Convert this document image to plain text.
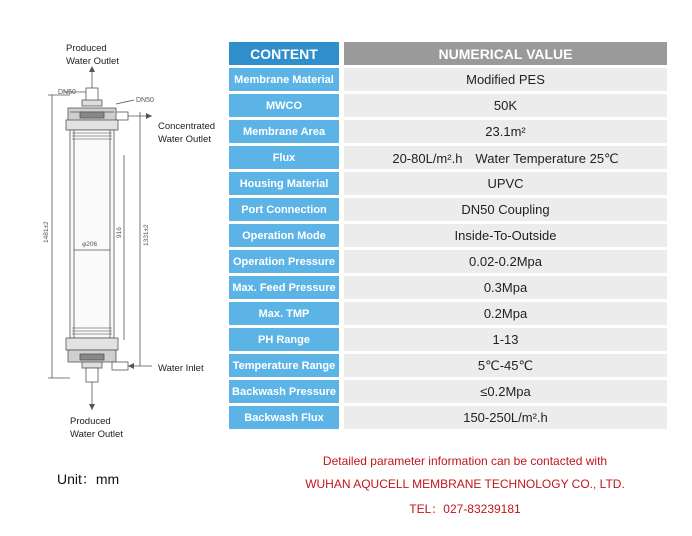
DN50
DN50
1481±2
φ206
916	1331±2
Produced
Water Outlet
Concentrated
Water Outlet
Water Inlet
Produced
Water Outlet
Unit：mm
CONTENT	NUMERICAL VALUE
Membrane Material	Modified PES
MWCO	50K
Membrane Area	23.1m²
Flux	20-80L/m².h　Water Temperature 25℃
Housing Material	UPVC
Port Connection	DN50 Coupling
Operation Mode	Inside-To-Outside
Operation Pressure	0.02-0.2Mpa
Max. Feed Pressure	0.3Mpa
Max. TMP	0.2Mpa
PH Range	1-13
Temperature Range	5℃-45℃
Backwash Pressure	≤0.2Mpa
Backwash Flux	150-250L/m².h
Detailed parameter information can be contacted with
WUHAN AQUCELL MEMBRANE TECHNOLOGY CO., LTD.
TEL：027-83239181
